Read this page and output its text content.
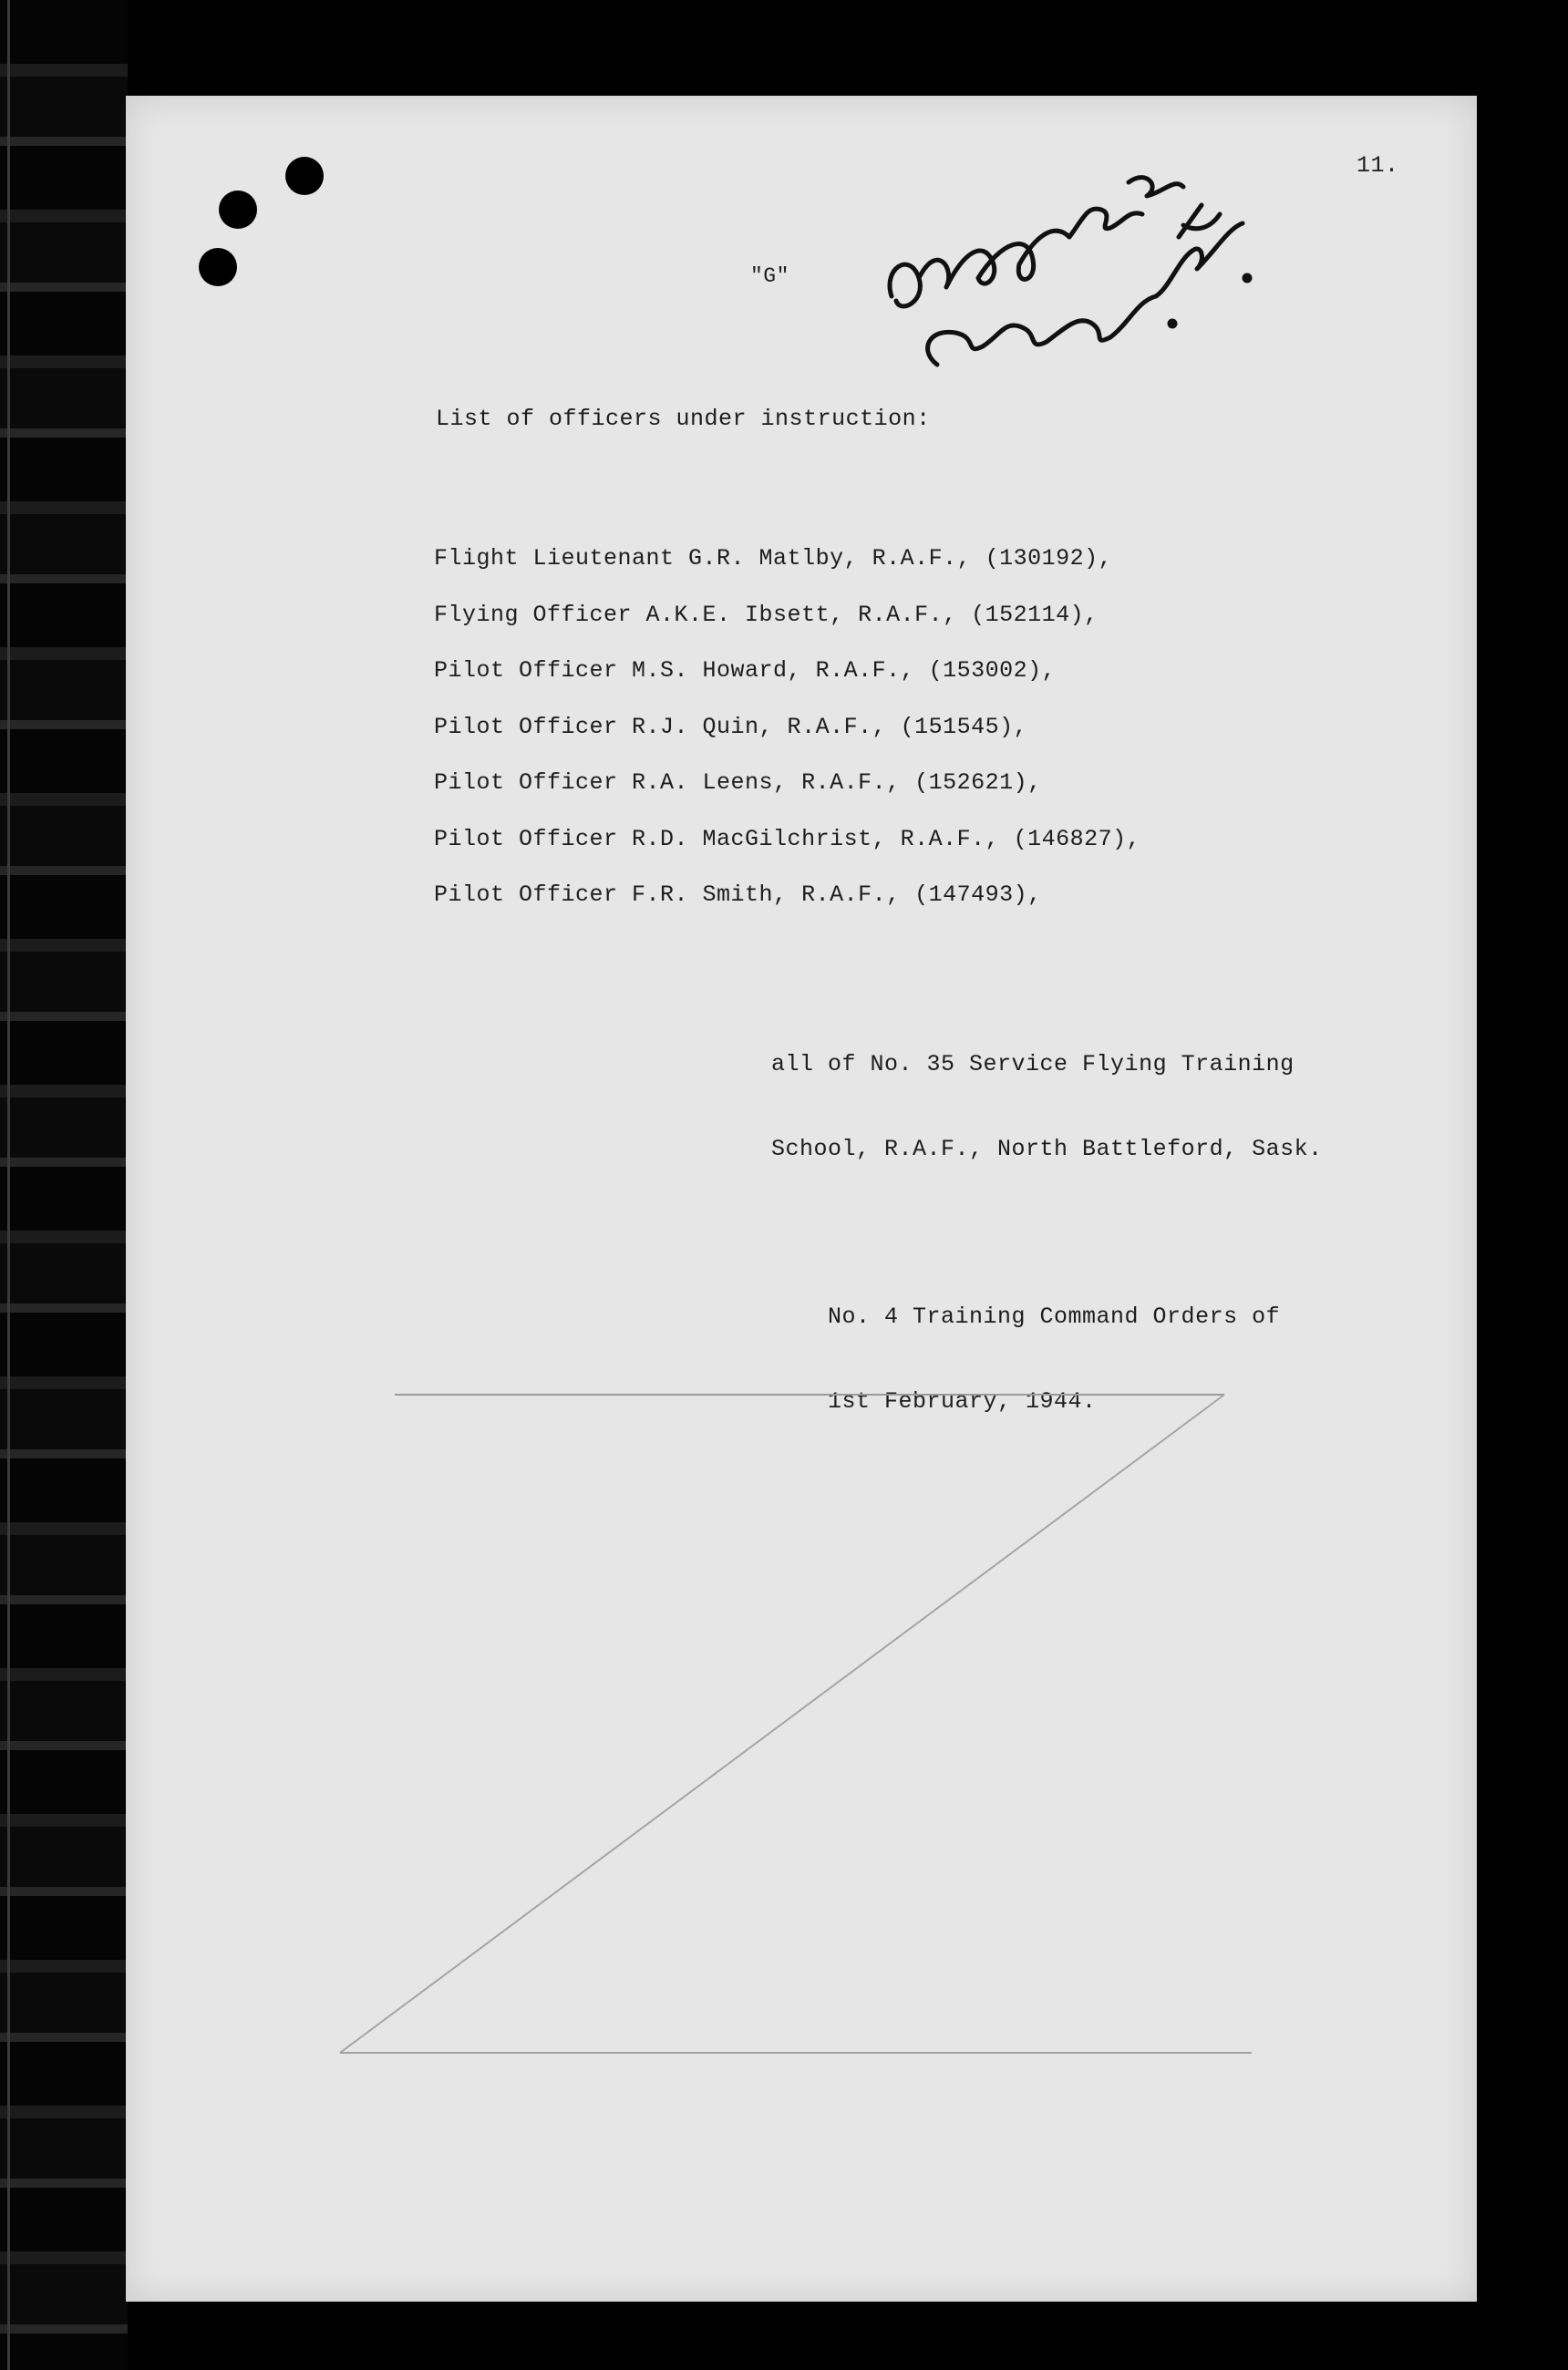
11.

"G"

List of officers under instruction:

Flight Lieutenant G.R. Matlby, R.A.F., (130192),

Flying Officer A.K.E. Ibsett, R.A.F., (152114),

Pilot Officer M.S. Howard, R.A.F., (153002),

Pilot Officer R.J. Quin, R.A.F., (151545),

Pilot Officer R.A. Leens, R.A.F., (152621),

Pilot Officer R.D. MacGilchrist, R.A.F., (146827),

Pilot Officer F.R. Smith, R.A.F., (147493),

all of No. 35 Service Flying Training

School, R.A.F., North Battleford, Sask.

No. 4 Training Command Orders of

1st February, 1944.
